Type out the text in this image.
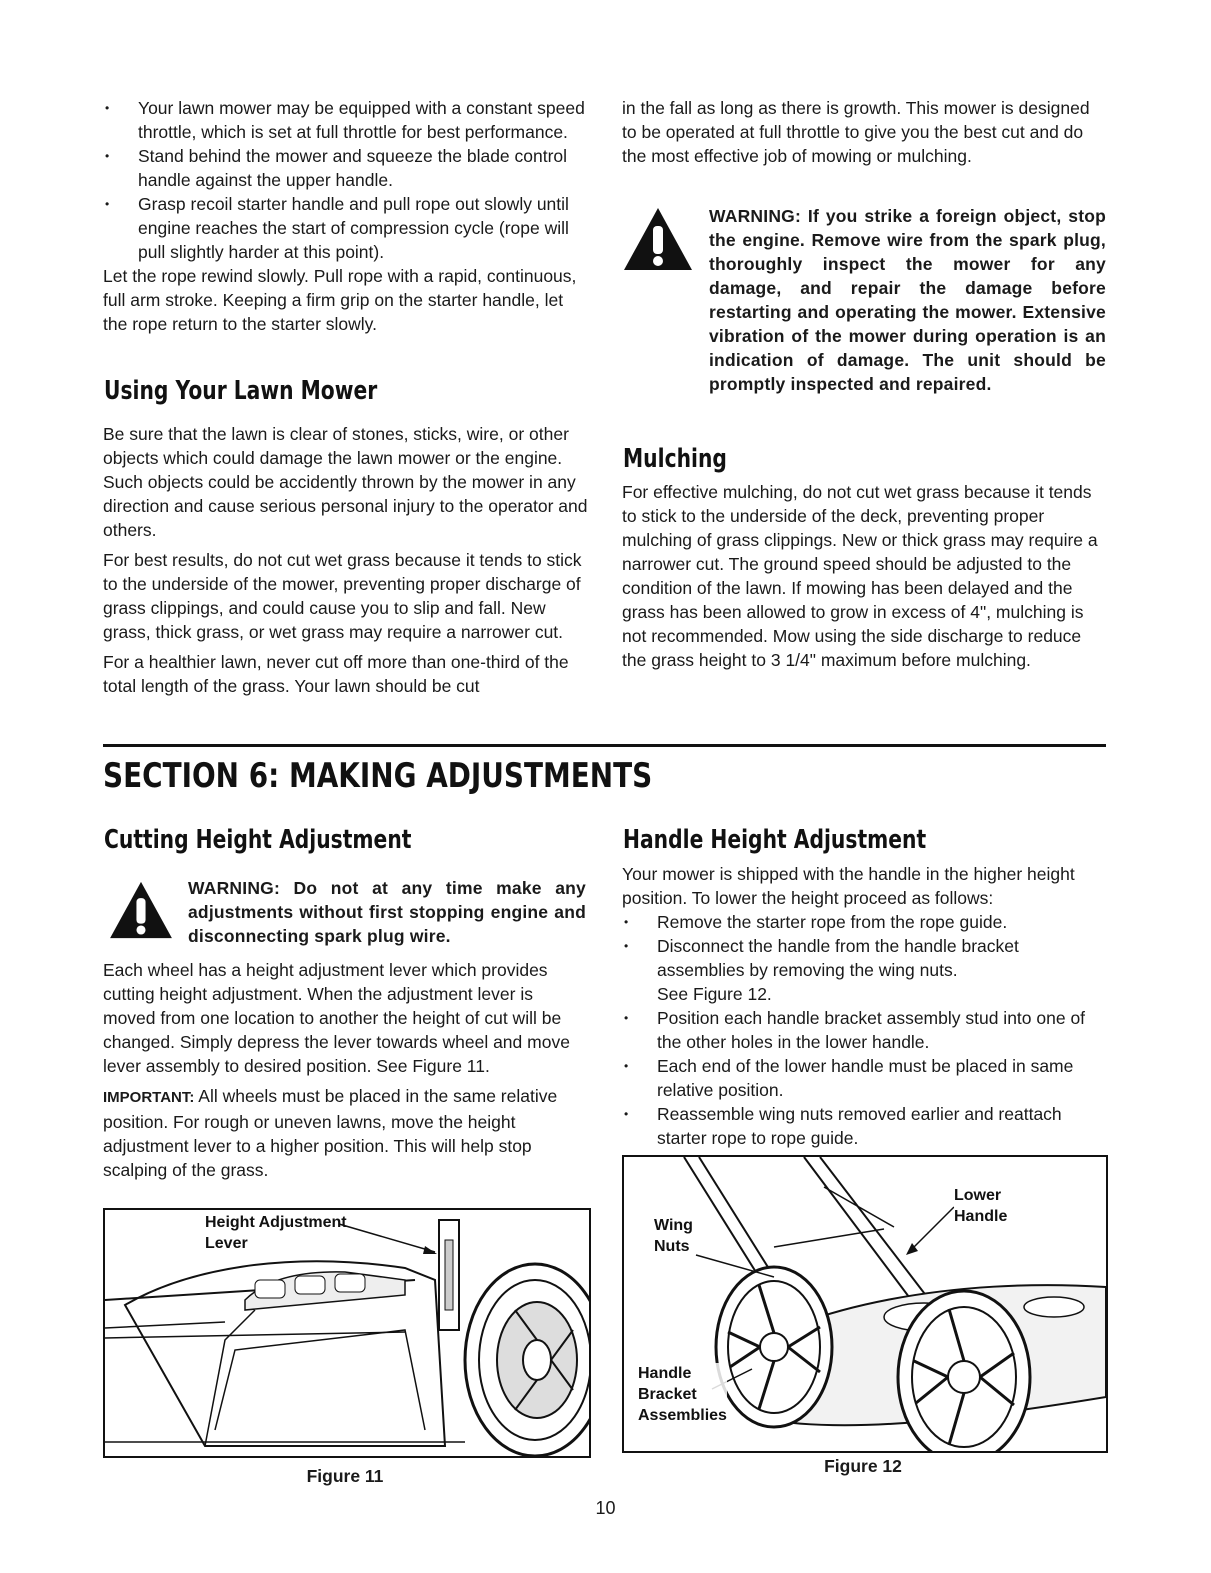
• Your lawn mower may be equipped with a constant speed throttle, which is set at full throttle for best performance.
• Stand behind the mower and squeeze the blade control handle against the upper handle.
• Grasp recoil starter handle and pull rope out slowly until engine reaches the start of compression cycle (rope will pull slightly harder at this point).

Let the rope rewind slowly. Pull rope with a rapid, continuous, full arm stroke. Keeping a firm grip on the starter handle, let the rope return to the starter slowly.

Using Your Lawn Mower

Be sure that the lawn is clear of stones, sticks, wire, or other objects which could damage the lawn mower or the engine. Such objects could be accidently thrown by the mower in any direction and cause serious personal injury to the operator and others.

For best results, do not cut wet grass because it tends to stick to the underside of the mower, preventing proper discharge of grass clippings, and could cause you to slip and fall. New grass, thick grass, or wet grass may require a narrower cut.

For a healthier lawn, never cut off more than one-third of the total length of the grass. Your lawn should be cut

in the fall as long as there is growth. This mower is designed to be operated at full throttle to give you the best cut and do the most effective job of mowing or mulching.

WARNING: If you strike a foreign object, stop the engine. Remove wire from the spark plug, thoroughly inspect the mower for any damage, and repair the damage before restarting and operating the mower. Extensive vibration of the mower during operation is an indication of damage. The unit should be promptly inspected and repaired.

Mulching

For effective mulching, do not cut wet grass because it tends to stick to the underside of the deck, preventing proper mulching of grass clippings. New or thick grass may require a narrower cut. The ground speed should be adjusted to the condition of the lawn. If mowing has been delayed and the grass has been allowed to grow in excess of 4", mulching is not recommended. Mow using the side discharge to reduce the grass height to 3 1/4" maximum before mulching.

SECTION 6: MAKING ADJUSTMENTS
Cutting Height Adjustment

WARNING: Do not at any time make any adjustments without first stopping engine and disconnecting spark plug wire.

Each wheel has a height adjustment lever which provides cutting height adjustment. When the adjustment lever is moved from one location to another the height of cut will be changed. Simply depress the lever towards wheel and move lever assembly to desired position. See Figure 11.

IMPORTANT: All wheels must be placed in the same relative position. For rough or uneven lawns, move the height adjustment lever to a higher position. This will help stop scalping of the grass.

Height Adjustment
Lever
Figure 11
Handle Height Adjustment

Your mower is shipped with the handle in the higher height position. To lower the height proceed as follows:

• Remove the starter rope from the rope guide.
• Disconnect the handle from the handle bracket assemblies by removing the wing nuts.
See Figure 12.
• Position each handle bracket assembly stud into one of the other holes in the lower handle.
• Each end of the lower handle must be placed in same relative position.
• Reassemble wing nuts removed earlier and reattach starter rope to rope guide.
Wing
Nuts
Lower
Handle
Handle
Bracket
Assemblies
Figure 12
10
